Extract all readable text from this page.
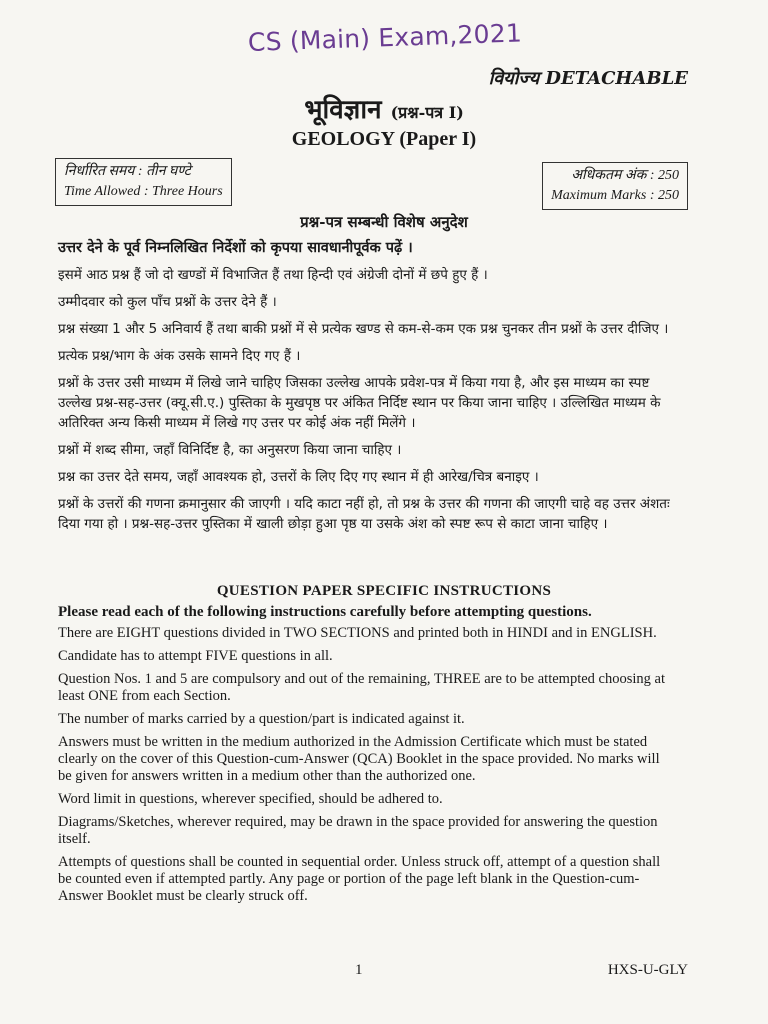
CS (Main) Exam,2021
वियोज्य DETACHABLE
भूविज्ञान (प्रश्न-पत्र I)
GEOLOGY (Paper I)
निर्धारित समय : तीन घण्टे
Time Allowed : Three Hours
अधिकतम अंक : 250
Maximum Marks : 250
प्रश्न-पत्र सम्बन्धी विशेष अनुदेश

उत्तर देने के पूर्व निम्नलिखित निर्देशों को कृपया सावधानीपूर्वक पढ़ें ।

इसमें आठ प्रश्न हैं जो दो खण्डों में विभाजित हैं तथा हिन्दी एवं अंग्रेजी दोनों में छपे हुए हैं ।

उम्मीदवार को कुल पाँच प्रश्नों के उत्तर देने हैं ।

प्रश्न संख्या 1 और 5 अनिवार्य हैं तथा बाकी प्रश्नों में से प्रत्येक खण्ड से कम-से-कम एक प्रश्न चुनकर तीन प्रश्नों के उत्तर दीजिए ।

प्रत्येक प्रश्न/भाग के अंक उसके सामने दिए गए हैं ।

प्रश्नों के उत्तर उसी माध्यम में लिखे जाने चाहिए जिसका उल्लेख आपके प्रवेश-पत्र में किया गया है, और इस माध्यम का स्पष्ट उल्लेख प्रश्न-सह-उत्तर (क्यू.सी.ए.) पुस्तिका के मुखपृष्ठ पर अंकित निर्दिष्ट स्थान पर किया जाना चाहिए । उल्लिखित माध्यम के अतिरिक्त अन्य किसी माध्यम में लिखे गए उत्तर पर कोई अंक नहीं मिलेंगे ।

प्रश्नों में शब्द सीमा, जहाँ विनिर्दिष्ट है, का अनुसरण किया जाना चाहिए ।

प्रश्न का उत्तर देते समय, जहाँ आवश्यक हो, उत्तरों के लिए दिए गए स्थान में ही आरेख/चित्र बनाइए ।

प्रश्नों के उत्तरों की गणना क्रमानुसार की जाएगी । यदि काटा नहीं हो, तो प्रश्न के उत्तर की गणना की जाएगी चाहे वह उत्तर अंशतः दिया गया हो । प्रश्न-सह-उत्तर पुस्तिका में खाली छोड़ा हुआ पृष्ठ या उसके अंश को स्पष्ट रूप से काटा जाना चाहिए ।

QUESTION PAPER SPECIFIC INSTRUCTIONS

Please read each of the following instructions carefully before attempting questions.

There are EIGHT questions divided in TWO SECTIONS and printed both in HINDI and in ENGLISH.

Candidate has to attempt FIVE questions in all.

Question Nos. 1 and 5 are compulsory and out of the remaining, THREE are to be attempted choosing at least ONE from each Section.

The number of marks carried by a question/part is indicated against it.

Answers must be written in the medium authorized in the Admission Certificate which must be stated clearly on the cover of this Question-cum-Answer (QCA) Booklet in the space provided. No marks will be given for answers written in a medium other than the authorized one.

Word limit in questions, wherever specified, should be adhered to.

Diagrams/Sketches, wherever required, may be drawn in the space provided for answering the question itself.

Attempts of questions shall be counted in sequential order. Unless struck off, attempt of a question shall be counted even if attempted partly. Any page or portion of the page left blank in the Question-cum-Answer Booklet must be clearly struck off.

1	HXS-U-GLY
